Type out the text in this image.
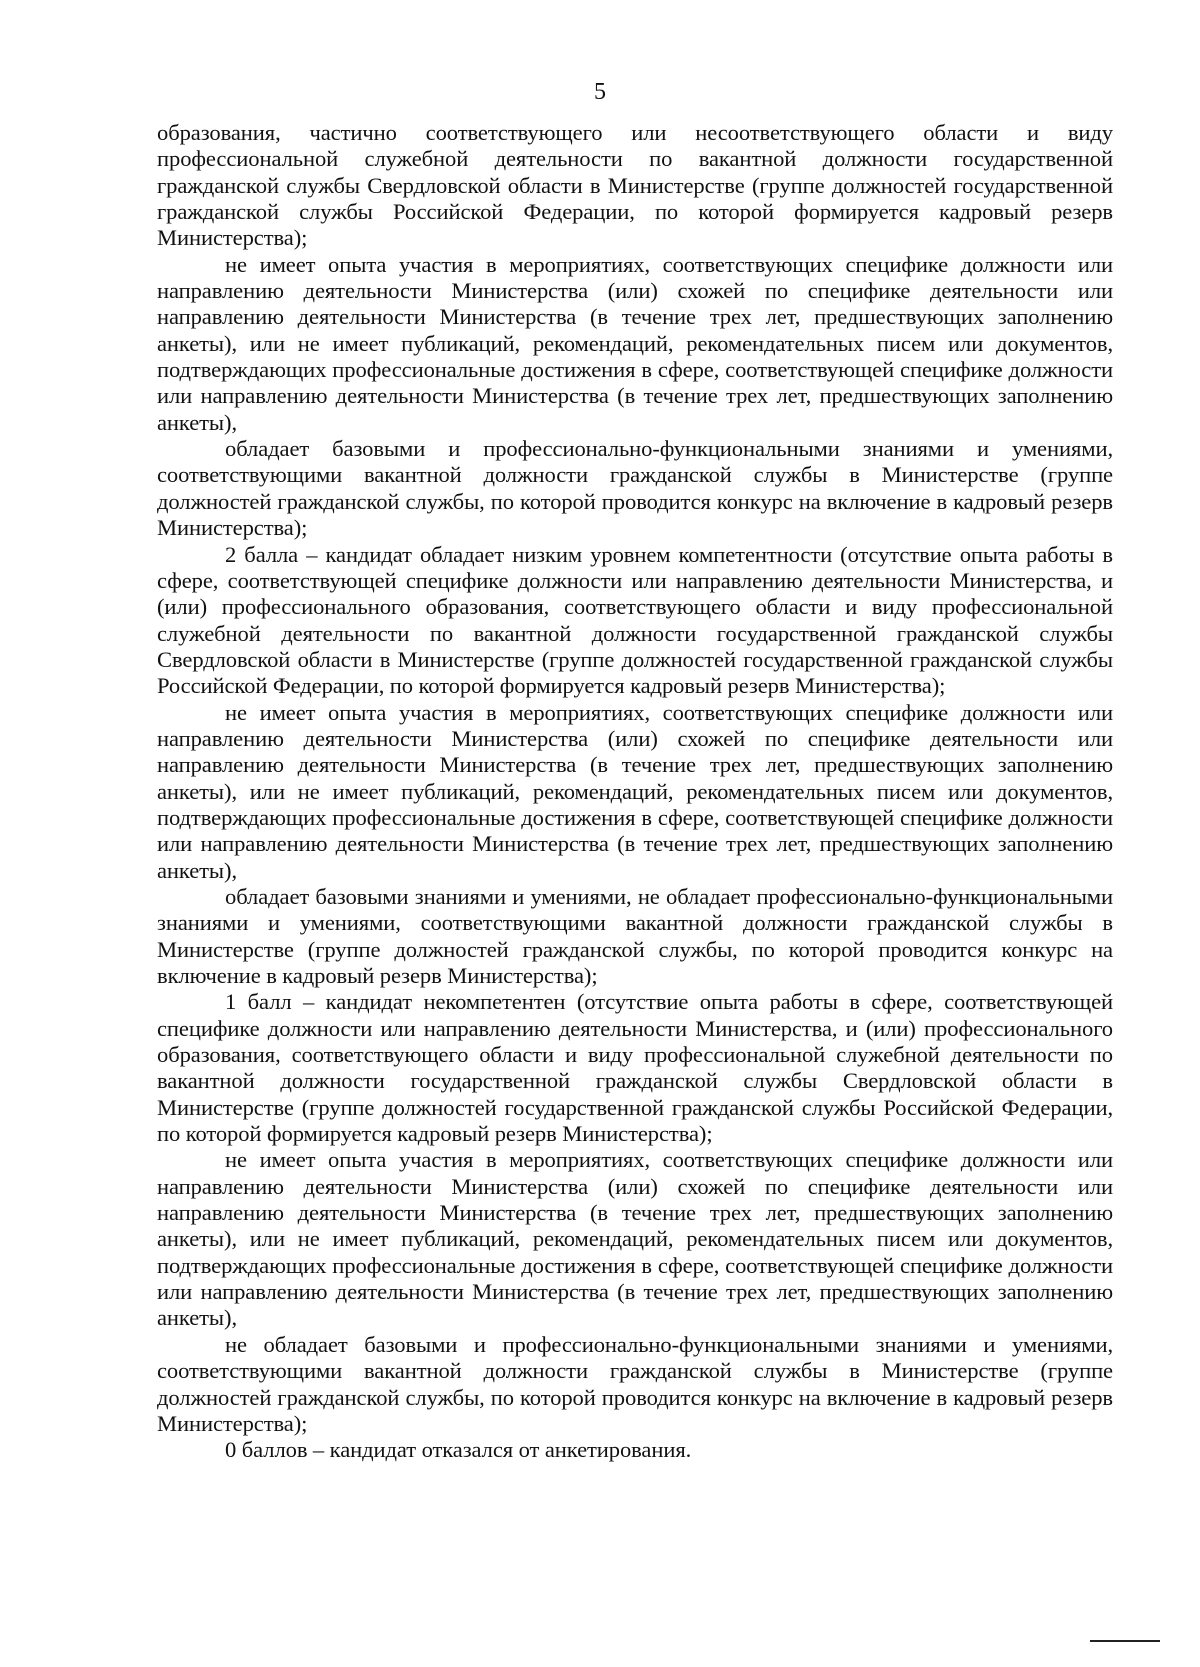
5

образования, частично соответствующего или несоответствующего области и виду профессиональной служебной деятельности по вакантной должности государственной гражданской службы Свердловской области в Министерстве (группе должностей государственной гражданской службы Российской Федерации, по которой формируется кадровый резерв Министерства);

не имеет опыта участия в мероприятиях, соответствующих специфике должности или направлению деятельности Министерства (или) схожей по специфике деятельности или направлению деятельности Министерства (в течение трех лет, предшествующих заполнению анкеты), или не имеет публикаций, рекомендаций, рекомендательных писем или документов, подтверждающих профессиональные достижения в сфере, соответствующей специфике должности или направлению деятельности Министерства (в течение трех лет, предшествующих заполнению анкеты),

обладает базовыми и профессионально-функциональными знаниями и умениями, соответствующими вакантной должности гражданской службы в Министерстве (группе должностей гражданской службы, по которой проводится конкурс на включение в кадровый резерв Министерства);

2 балла – кандидат обладает низким уровнем компетентности (отсутствие опыта работы в сфере, соответствующей специфике должности или направлению деятельности Министерства, и (или) профессионального образования, соответствующего области и виду профессиональной служебной деятельности по вакантной должности государственной гражданской службы Свердловской области в Министерстве (группе должностей государственной гражданской службы Российской Федерации, по которой формируется кадровый резерв Министерства);

не имеет опыта участия в мероприятиях, соответствующих специфике должности или направлению деятельности Министерства (или) схожей по специфике деятельности или направлению деятельности Министерства (в течение трех лет, предшествующих заполнению анкеты), или не имеет публикаций, рекомендаций, рекомендательных писем или документов, подтверждающих профессиональные достижения в сфере, соответствующей специфике должности или направлению деятельности Министерства (в течение трех лет, предшествующих заполнению анкеты),

обладает базовыми знаниями и умениями, не обладает профессионально-функциональными знаниями и умениями, соответствующими вакантной должности гражданской службы в Министерстве (группе должностей гражданской службы, по которой проводится конкурс на включение в кадровый резерв Министерства);

1 балл – кандидат некомпетентен (отсутствие опыта работы в сфере, соответствующей специфике должности или направлению деятельности Министерства, и (или) профессионального образования, соответствующего области и виду профессиональной служебной деятельности по вакантной должности государственной гражданской службы Свердловской области в Министерстве (группе должностей государственной гражданской службы Российской Федерации, по которой формируется кадровый резерв Министерства);

не имеет опыта участия в мероприятиях, соответствующих специфике должности или направлению деятельности Министерства (или) схожей по специфике деятельности или направлению деятельности Министерства (в течение трех лет, предшествующих заполнению анкеты), или не имеет публикаций, рекомендаций, рекомендательных писем или документов, подтверждающих профессиональные достижения в сфере, соответствующей специфике должности или направлению деятельности Министерства (в течение трех лет, предшествующих заполнению анкеты),

не обладает базовыми и профессионально-функциональными знаниями и умениями, соответствующими вакантной должности гражданской службы в Министерстве (группе должностей гражданской службы, по которой проводится конкурс на включение в кадровый резерв Министерства);

0 баллов – кандидат отказался от анкетирования.
